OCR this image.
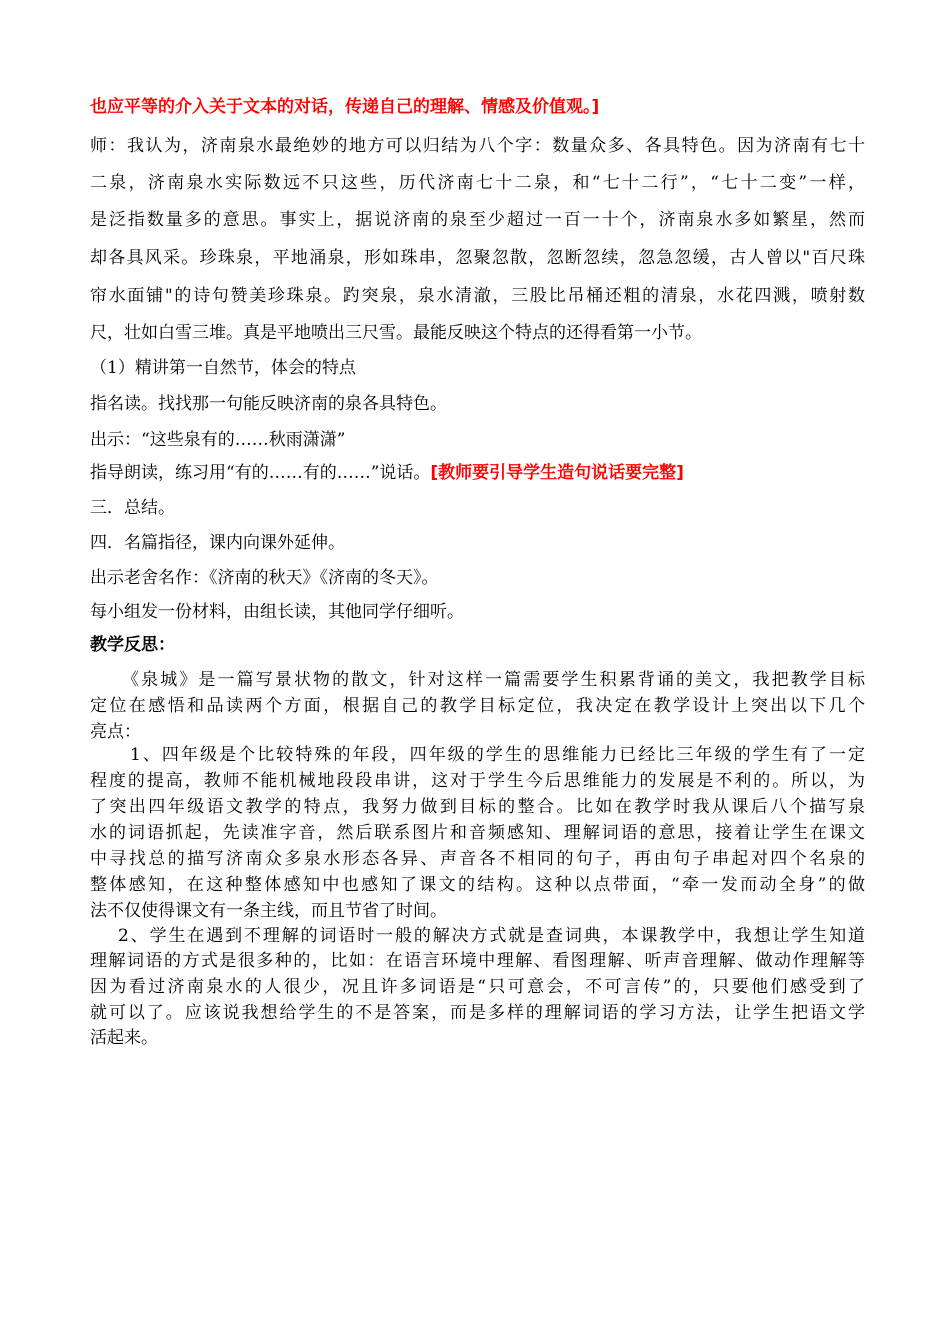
也应平等的介入关于文本的对话，传递自己的理解、情感及价值观。]
师：我认为，济南泉水最绝妙的地方可以归结为八个字：数量众多、各具特色。因为济南有七十
二泉，济南泉水实际数远不只这些，历代济南七十二泉，和“七十二行”，“七十二变”一样，
是泛指数量多的意思。事实上，据说济南的泉至少超过一百一十个，济南泉水多如繁星，然而
却各具风采。珍珠泉，平地涌泉，形如珠串，忽聚忽散，忽断忽续，忽急忽缓，古人曾以"百尺珠
帘水面铺"的诗句赞美珍珠泉。趵突泉，泉水清澈，三股比吊桶还粗的清泉，水花四溅，喷射数
尺，壮如白雪三堆。真是平地喷出三尺雪。最能反映这个特点的还得看第一小节。
（1）精讲第一自然节，体会的特点
指名读。找找那一句能反映济南的泉各具特色。
出示：“这些泉有的……秋雨潇潇”
指导朗读，练习用“有的……有的……”说话。[教师要引导学生造句说话要完整]
三．总结。
四．名篇指径，课内向课外延伸。
出示老舍名作：《济南的秋天》《济南的冬天》。
每小组发一份材料，由组长读，其他同学仔细听。
教学反思：
《泉城》是一篇写景状物的散文，针对这样一篇需要学生积累背诵的美文，我把教学目标
定位在感悟和品读两个方面，根据自己的教学目标定位，我决定在教学设计上突出以下几个
亮点：
1、四年级是个比较特殊的年段，四年级的学生的思维能力已经比三年级的学生有了一定
程度的提高，教师不能机械地段段串讲，这对于学生今后思维能力的发展是不利的。所以，为
了突出四年级语文教学的特点，我努力做到目标的整合。比如在教学时我从课后八个描写泉
水的词语抓起，先读准字音，然后联系图片和音频感知、理解词语的意思，接着让学生在课文
中寻找总的描写济南众多泉水形态各异、声音各不相同的句子，再由句子串起对四个名泉的
整体感知，在这种整体感知中也感知了课文的结构。这种以点带面，“牵一发而动全身”的做
法不仅使得课文有一条主线，而且节省了时间。
2、学生在遇到不理解的词语时一般的解决方式就是查词典，本课教学中，我想让学生知道
理解词语的方式是很多种的，比如：在语言环境中理解、看图理解、听声音理解、做动作理解等
因为看过济南泉水的人很少，况且许多词语是“只可意会，不可言传”的，只要他们感受到了
就可以了。应该说我想给学生的不是答案，而是多样的理解词语的学习方法，让学生把语文学
活起来。
